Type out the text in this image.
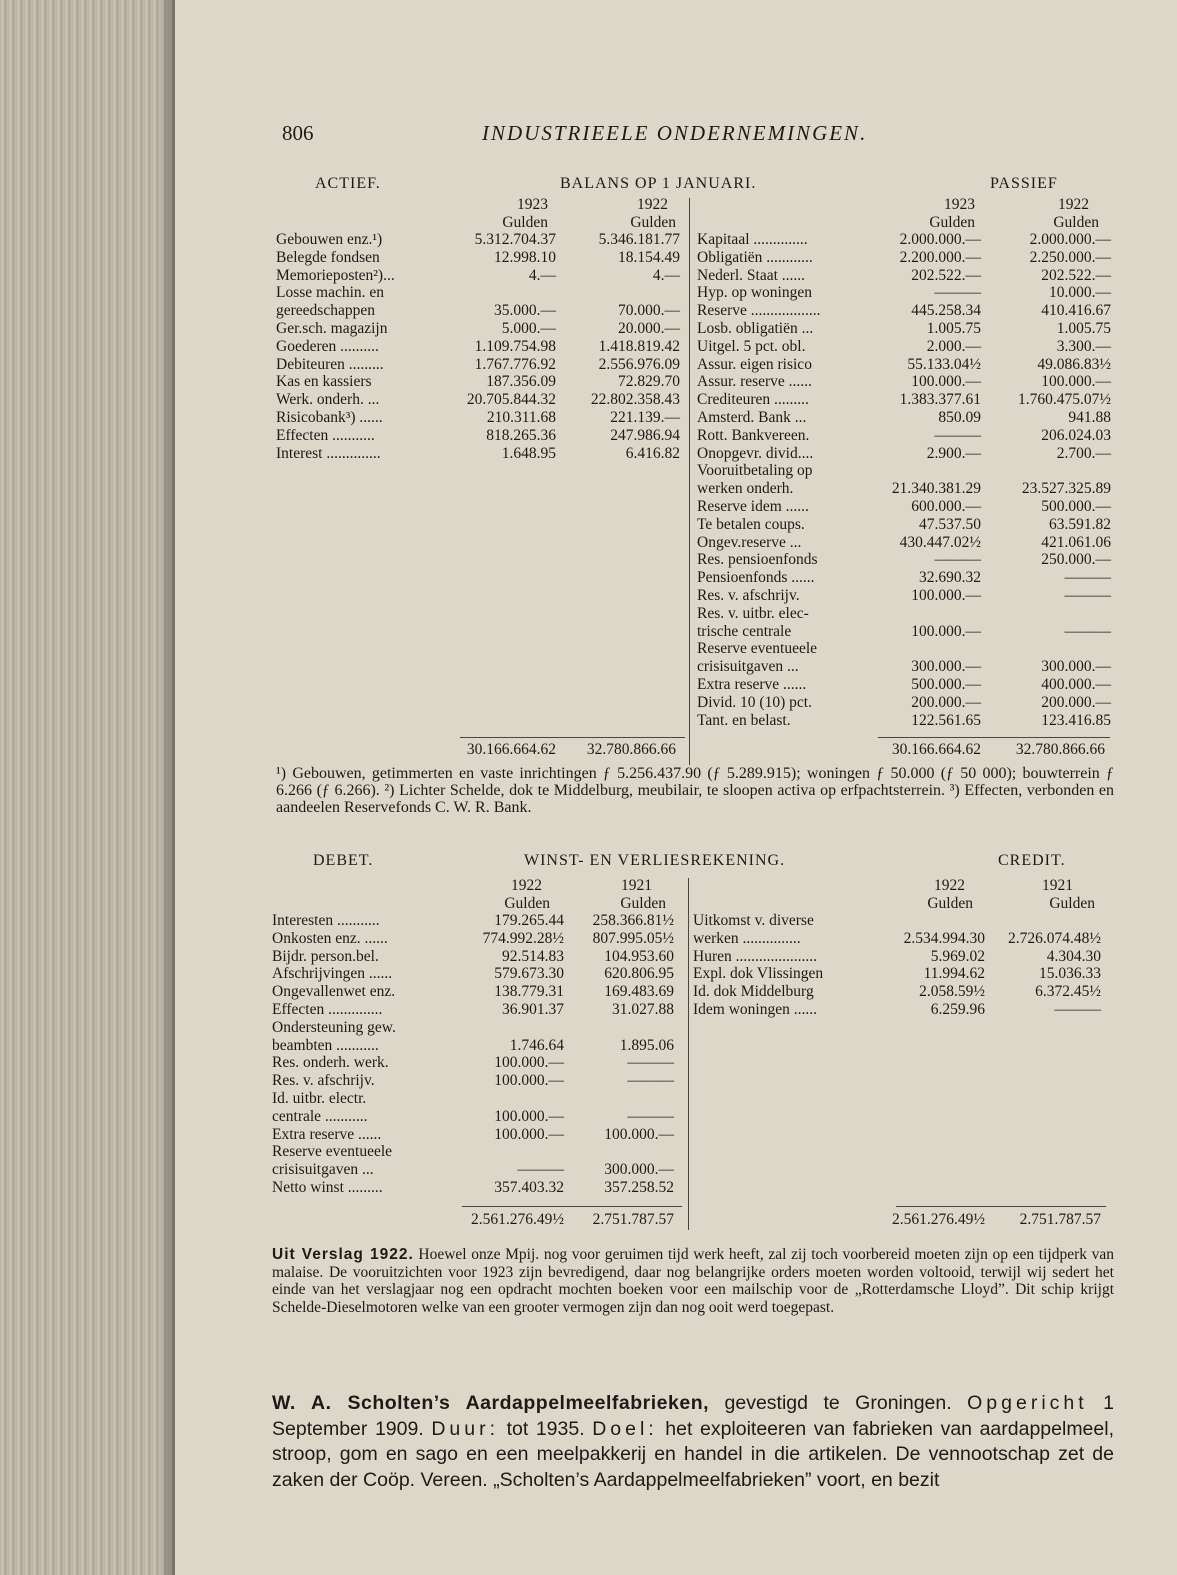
806	INDUSTRIEELE ONDERNEMINGEN.
ACTIEF.	BALANS OP 1 JANUARI.	PASSIEF
1923	1922
Gulden	Gulden
1923	1922
Gulden	Gulden
Gebouwen enz.¹)	5.312.704.37	5.346.181.77
Belegde fondsen	12.998.10	18.154.49
Memorieposten²)...	4.—	4.—
Losse machin. en
gereedschappen	35.000.—	70.000.—
Ger.sch. magazijn	5.000.—	20.000.—
Goederen ..........	1.109.754.98	1.418.819.42
Debiteuren .........	1.767.776.92	2.556.976.09
Kas en kassiers	187.356.09	72.829.70
Werk. onderh. ...	20.705.844.32 22.802.358.43
Risicobank³) ......	210.311.68	221.139.—
Effecten ...........	818.265.36	247.986.94
Interest ..............	1.648.95	6.416.82
Kapitaal ..............	2.000.000.—	2.000.000.—
Obligatiën ............	2.200.000.—	2.250.000.—
Nederl. Staat ......	202.522.—	202.522.—
Hyp. op woningen	———	10.000.—
Reserve ..................	445.258.34	410.416.67
Losb. obligatiën ...	1.005.75	1.005.75
Uitgel. 5 pct. obl.	2.000.—	3.300.—
Assur. eigen risico	55.133.04½	49.086.83½
Assur. reserve ......	100.000.—	100.000.—
Crediteuren .........	1.383.377.61 1.760.475.07½
Amsterd. Bank ...	850.09	941.88
Rott. Bankvereen.	———	206.024.03
Onopgevr. divid....	2.900.—	2.700.—
Vooruitbetaling op
werken onderh.	21.340.381.29	23.527.325.89
Reserve idem ......	600.000.—	500.000.—
Te betalen coups.	47.537.50	63.591.82
Ongev.reserve ...	430.447.02½	421.061.06
Res. pensioenfonds	———	250.000.—
Pensioenfonds ......	32.690.32	———
Res. v. afschrijv.	100.000.—	———
Res. v. uitbr. elec-
trische centrale	100.000.—	———
Reserve eventueele
crisisuitgaven ...	300.000.—	300.000.—
Extra reserve ......	500.000.—	400.000.—
Divid. 10 (10) pct.	200.000.—	200.000.—
Tant. en belast.	122.561.65	123.416.85
30.166.664.62 32.780.866.66	30.166.664.62 32.780.866.66
¹) Gebouwen, getimmerten en vaste inrichtingen ƒ 5.256.437.90 (ƒ 5.289.915); woningen ƒ 50.000 (ƒ 50 000); bouwterrein ƒ 6.266 (ƒ 6.266). ²) Lichter Schelde, dok te Middelburg, meubilair, te sloopen activa op erfpachtsterrein. ³) Effecten, verbonden en aandeelen Reservefonds C. W. R. Bank.
DEBET.	WINST- EN VERLIESREKENING.	CREDIT.
1922	1921
Gulden	Gulden
1922	1921
Gulden	Gulden
Interesten ...........	179.265.44 258.366.81½
Onkosten enz. ......	774.992.28½ 807.995.05½
Bijdr. person.bel.	92.514.83	104.953.60
Afschrijvingen ......	579.673.30	620.806.95
Ongevallenwet enz.	138.779.31	169.483.69
Effecten ..............	36.901.37	31.027.88
Ondersteuning gew.
beambten ...........	1.746.64	1.895.06
Res. onderh. werk.	100.000.—	———
Res. v. afschrijv.	100.000.—	———
Id. uitbr. electr.
centrale ...........	100.000.—	———
Extra reserve ......	100.000.—	100.000.—
Reserve eventueele
crisisuitgaven ...	———	300.000.—
Netto winst .........	357.403.32	357.258.52
Uitkomst v. diverse
werken ...............	2.534.994.30 2.726.074.48½
Huren .....................	5.969.02	4.304.30
Expl. dok Vlissingen	11.994.62	15.036.33
Id. dok Middelburg	2.058.59½	6.372.45½
Idem woningen ......	6.259.96	———
2.561.276.49½ 2.751.787.57	2.561.276.49½ 2.751.787.57
Uit Verslag 1922. Hoewel onze Mpij. nog voor geruimen tijd werk heeft, zal zij toch voorbereid moeten zijn op een tijdperk van malaise. De vooruitzichten voor 1923 zijn bevredigend, daar nog belangrijke orders moeten worden voltooid, terwijl wij sedert het einde van het verslagjaar nog een opdracht mochten boeken voor een mailschip voor de „Rotterdamsche Lloyd”. Dit schip krijgt Schelde-Dieselmotoren welke van een grooter vermogen zijn dan nog ooit werd toegepast.
W. A. Scholten’s Aardappelmeelfabrieken, gevestigd te Groningen. Opgericht 1 September 1909. Duur: tot 1935. Doel: het exploiteeren van fabrieken van aardappelmeel, stroop, gom en sago en een meelpakkerij en handel in die artikelen. De vennootschap zet de zaken der Coöp. Vereen. „Scholten’s Aardappelmeelfabrieken” voort, en bezit
